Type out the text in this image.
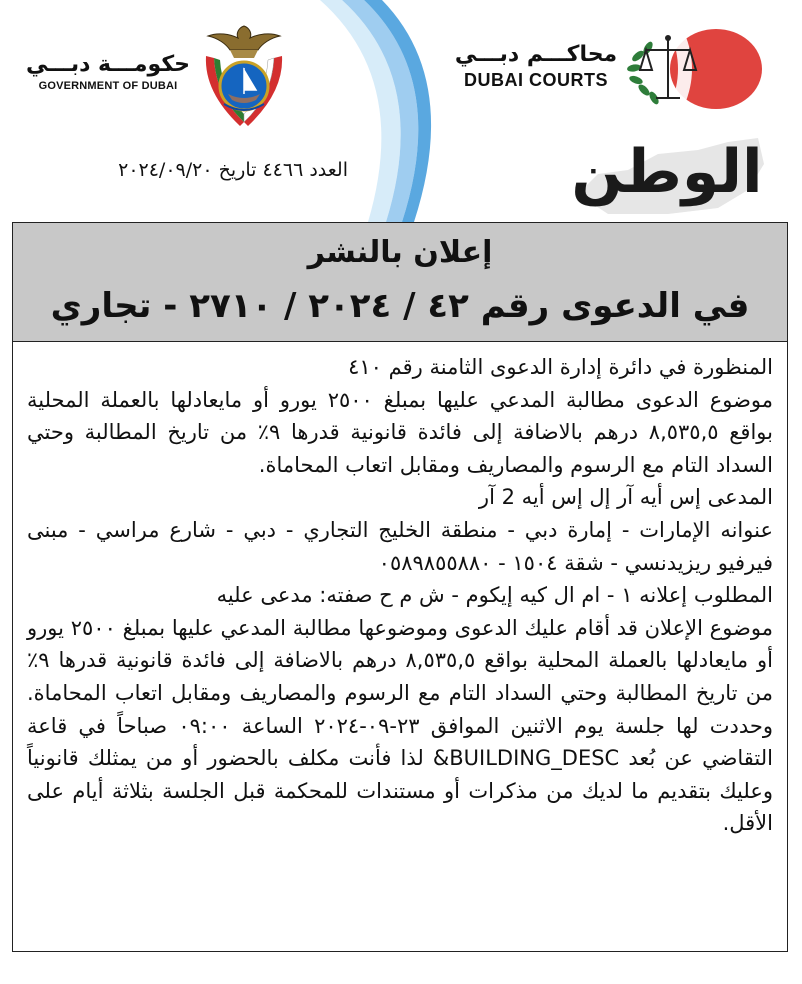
حكومـــة دبـــي
GOVERNMENT OF DUBAI
محاكـــم دبـــي
DUBAI COURTS
العدد ٤٤٦٦ تاريخ ٢٠٢٤/٠٩/٢٠	الوطن
إعلان بالنشر
في الدعوى رقم ٤٢ / ٢٠٢٤ / ٢٧١٠ - تجاري

المنظورة في دائرة إدارة الدعوى الثامنة رقم ٤١٠

موضوع الدعوى مطالبة المدعي عليها بمبلغ ٢٥٠٠ يورو أو مايعادلها بالعملة المحلية بواقع ٨,٥٣٥,٥ درهم بالاضافة إلى فائدة قانونية قدرها ٩٪ من تاريخ المطالبة وحتي السداد التام مع الرسوم والمصاريف ومقابل اتعاب المحاماة.

المدعى إس أيه آر إل إس أيه 2 آر

عنوانه الإمارات - إمارة دبي - منطقة الخليج التجاري - دبي - شارع مراسي - مبنى فيرفيو ريزيدنسي - شقة ١٥٠٤ - ٠٥٨٩٨٥٥٨٨٠

المطلوب إعلانه ١ - ام ال كيه إيكوم - ش م ح صفته: مدعى عليه

موضوع الإعلان قد أقام عليك الدعوى وموضوعها مطالبة المدعي عليها بمبلغ ٢٥٠٠ يورو أو مايعادلها بالعملة المحلية بواقع ٨,٥٣٥,٥ درهم بالاضافة إلى فائدة قانونية قدرها ٩٪ من تاريخ المطالبة وحتي السداد التام مع الرسوم والمصاريف ومقابل اتعاب المحاماة. وحددت لها جلسة يوم الاثنين الموافق ٢٣-٠٩-٢٠٢٤ الساعة ٠٩:٠٠ صباحاً في قاعة التقاضي عن بُعد BUILDING_DESC& لذا فأنت مكلف بالحضور أو من يمثلك قانونياً وعليك بتقديم ما لديك من مذكرات أو مستندات للمحكمة قبل الجلسة بثلاثة أيام على الأقل.
